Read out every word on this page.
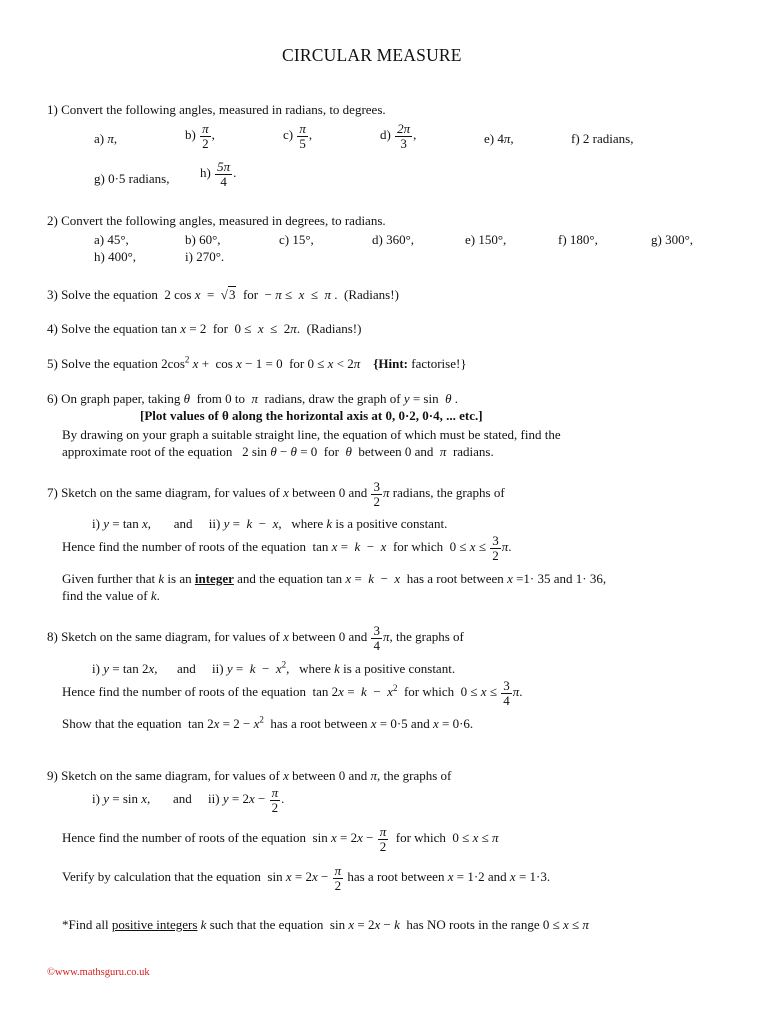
CIRCULAR MEASURE
1) Convert the following angles, measured in radians, to degrees.
a) π,	$b) \frac{\pi}{2}$ ,	$c) \frac{\pi}{5}$ ,	$d) \frac{2\pi}{3}$ ,	e) 4π,	f) 2 radians,
g) 0·5 radians, $h) \frac{5\pi}{4}$ .
2) Convert the following angles, measured in degrees, to radians.
a) 45°,	b) 60°,	c) 15°,	d) 360°,	e) 150°,	f) 180°,	g) 300°,
h) 400°,	i) 270°.
3) Solve the equation  2 cos x  =  √3  for  − π ≤  x  ≤  π .  (Radians!)
4) Solve the equation tan x = 2  for  0 ≤  x  ≤  2π.  (Radians!)
5) Solve the equation $2\cos^2$ x +  cos x − 1 = 0  for 0 ≤ x < 2π {Hint: factorise!}
6) On graph paper, taking θ  from 0 to  π  radians, draw the graph of y = sin  θ .
[Plot values of θ along the horizontal axis at 0, 0·2, 0·4, ... etc.]
By drawing on your graph a suitable straight line, the equation of which must be stated, find the
approximate root of the equation   2 sin θ − θ = 0  for  θ  between 0 and  π  radians.
7) Sketch on the same diagram, for values of x between 0 and $\frac{3}{2}$ π radians, the graphs of
i) y = tan x,       and     ii) y =  k  −  x,   where k is a positive constant.
Hence find the number of roots of the equation  tan x =  k  −  x  for which  $0 \le x \le \frac{3}{2} \pi$.
Given further that k is an integer and the equation tan x =  k  −  x  has a root between x =1· 35 and 1· 36,
find the value of k.
8) Sketch on the same diagram, for values of x between 0 and $\frac{3}{4} \pi$, the graphs of
i) y = tan 2x,      and     ii) $y = k - x^2$,   where k is a positive constant.
Hence find the number of roots of the equation  $\tan 2x = k - x^2$  for which  $0 \le x \le \frac{3}{4} \pi$.
Show that the equation  $\tan 2x = 2 - x^2$  has a root between x = 0·5 and x = 0·6.
9) Sketch on the same diagram, for values of x between 0 and π, the graphs of
i) y = sin x,       and     ii) $y = 2x - \frac{\pi}{2}$ .
Hence find the number of roots of the equation  $\sin x = 2x - \frac{\pi}{2}$ for which  0 ≤ x ≤ π
Verify by calculation that the equation  $\sin x = 2x - \frac{\pi}{2}$ has a root between x = 1·2 and x = 1·3.
*Find all positive integers k such that the equation  sin x = 2x − k  has NO roots in the range 0 ≤ x ≤ π
©www.mathsguru.co.uk
